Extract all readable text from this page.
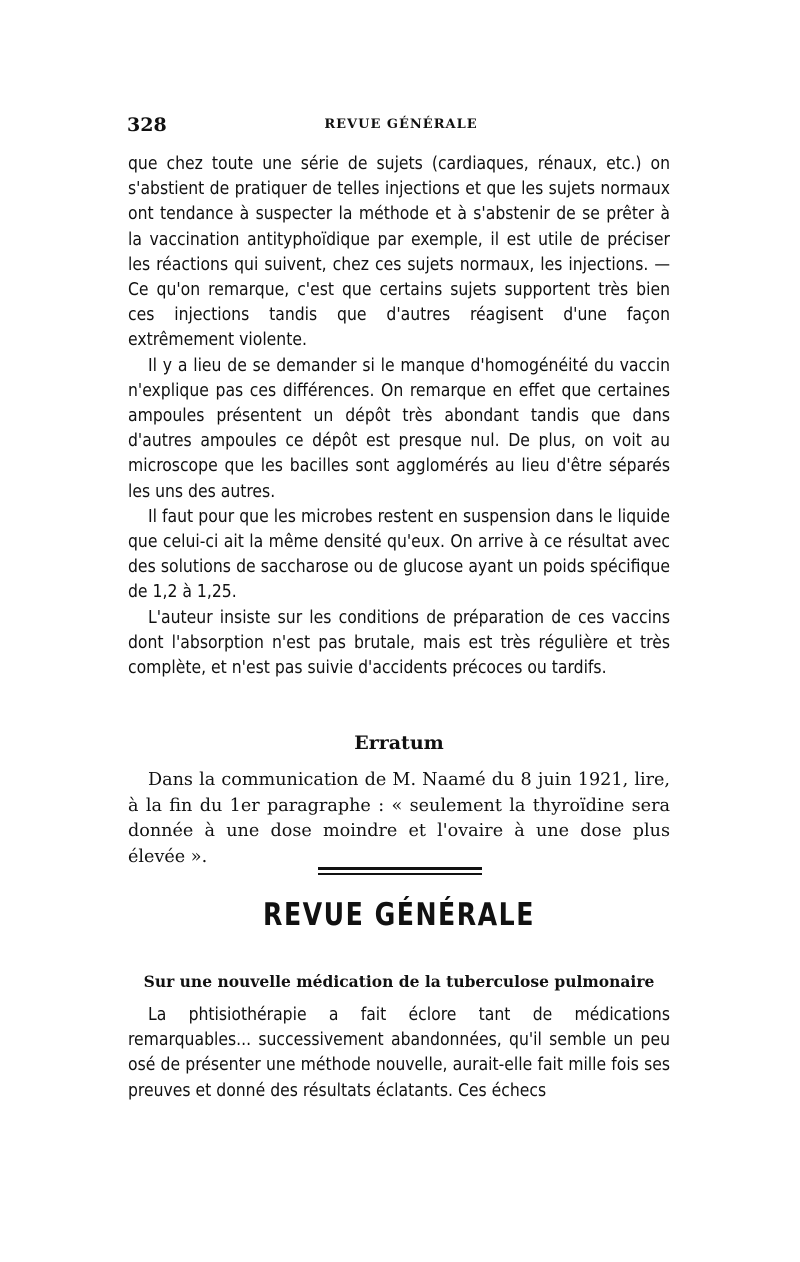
328	REVUE GÉNÉRALE

que chez toute une série de sujets (cardiaques, rénaux, etc.) on s'abstient de pratiquer de telles injections et que les sujets normaux ont tendance à suspecter la méthode et à s'abstenir de se prêter à la vaccination antityphoïdique par exemple, il est utile de préciser les réactions qui suivent, chez ces sujets normaux, les injections. — Ce qu'on remarque, c'est que certains sujets supportent très bien ces injections tandis que d'autres réagisent d'une façon extrêmement violente.

Il y a lieu de se demander si le manque d'homogénéité du vaccin n'explique pas ces différences. On remarque en effet que certaines ampoules présentent un dépôt très abondant tandis que dans d'autres ampoules ce dépôt est presque nul. De plus, on voit au microscope que les bacilles sont agglomérés au lieu d'être séparés les uns des autres.

Il faut pour que les microbes restent en suspension dans le liquide que celui-ci ait la même densité qu'eux. On arrive à ce résultat avec des solutions de saccharose ou de glucose ayant un poids spécifique de 1,2 à 1,25.

L'auteur insiste sur les conditions de préparation de ces vaccins dont l'absorption n'est pas brutale, mais est très régulière et très complète, et n'est pas suivie d'accidents précoces ou tardifs.

Erratum

Dans la communication de M. Naamé du 8 juin 1921, lire, à la fin du 1er paragraphe : « seulement la thyroïdine sera donnée à une dose moindre et l'ovaire à une dose plus élevée ».

REVUE GÉNÉRALE
Sur une nouvelle médication de la tuberculose pulmonaire

La phtisiothérapie a fait éclore tant de médications remarquables... successivement abandonnées, qu'il semble un peu osé de présenter une méthode nouvelle, aurait-elle fait mille fois ses preuves et donné des résultats éclatants. Ces échecs
